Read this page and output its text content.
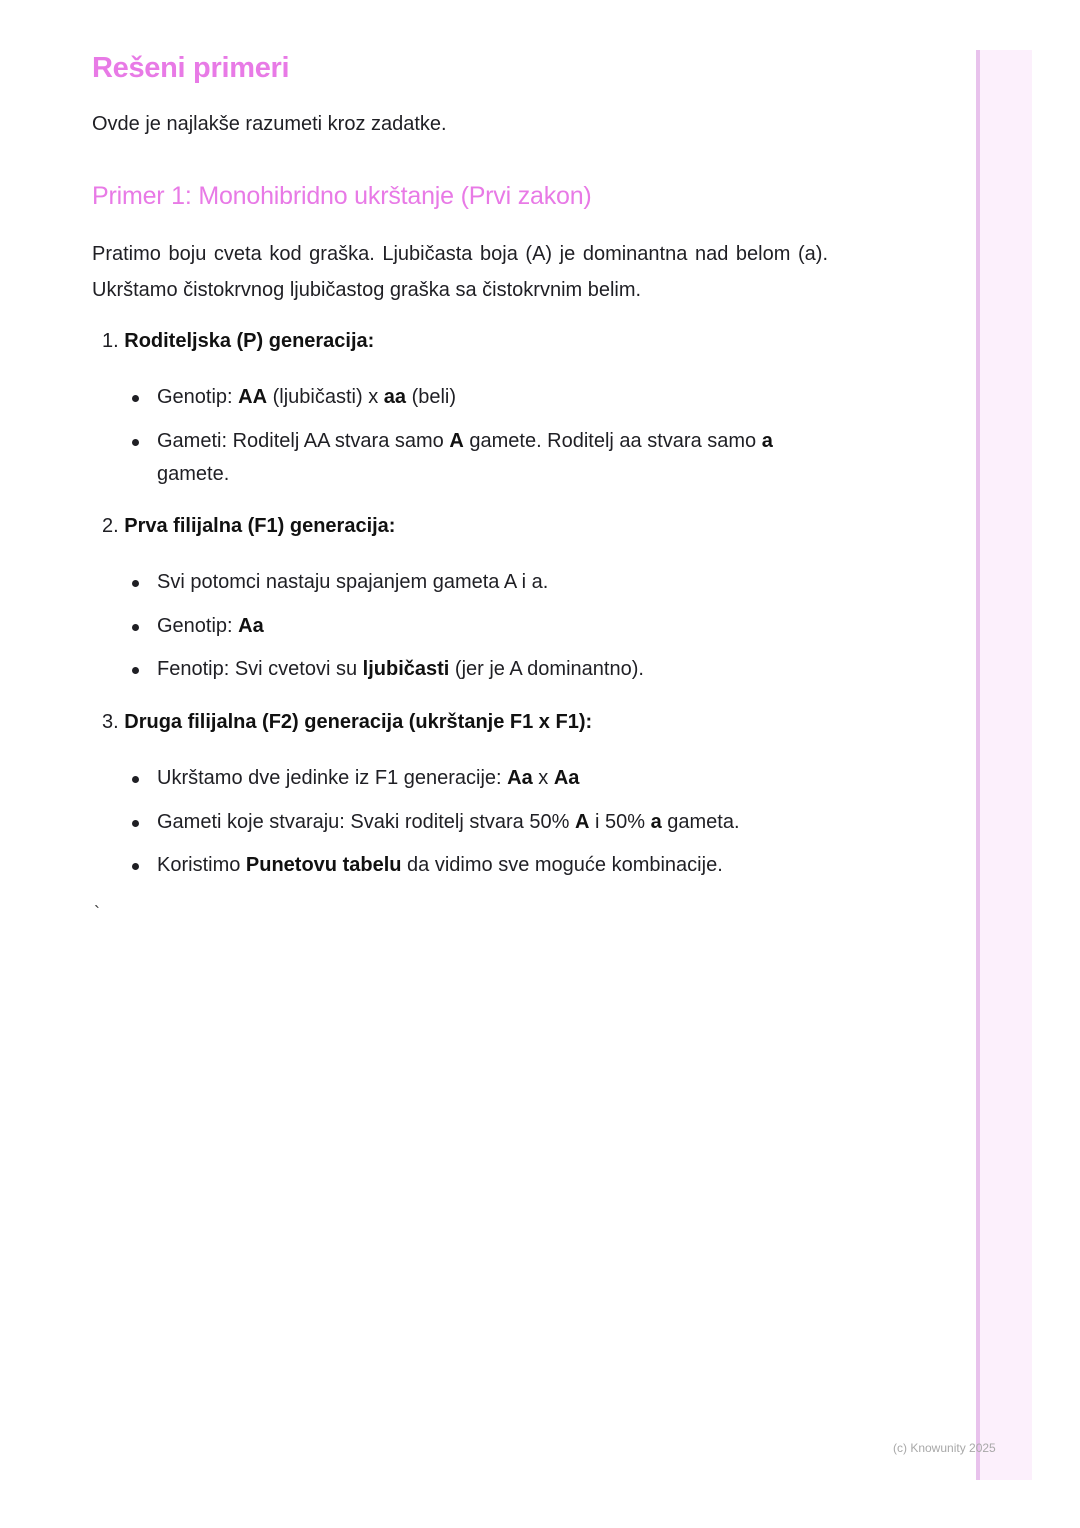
Rešeni primeri
Ovde je najlakše razumeti kroz zadatke.
Primer 1: Monohibridno ukrštanje (Prvi zakon)
Pratimo boju cveta kod graška. Ljubičasta boja (A) je dominantna nad belom (a). Ukrštamo čistokrvnog ljubičastog graška sa čistokrvnim belim.
1. Roditeljska (P) generacija:
Genotip: AA (ljubičasti) x aa (beli)
Gameti: Roditelj AA stvara samo A gamete. Roditelj aa stvara samo a gamete.
2. Prva filijalna (F1) generacija:
Svi potomci nastaju spajanjem gameta A i a.
Genotip: Aa
Fenotip: Svi cvetovi su ljubičasti (jer je A dominantno).
3. Druga filijalna (F2) generacija (ukrštanje F1 x F1):
Ukrštamo dve jedinke iz F1 generacije: Aa x Aa
Gameti koje stvaraju: Svaki roditelj stvara 50% A i 50% a gameta.
Koristimo Punetovu tabelu da vidimo sve moguće kombinacije.
`
(c) Knowunity 2025
